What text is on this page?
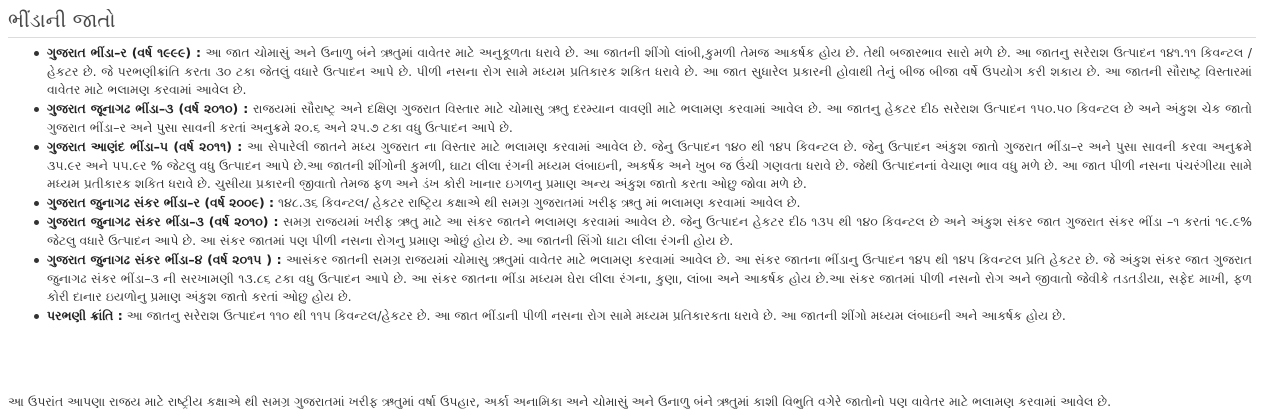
ભીંડાની જાતો
ગુજરાત ભીંડા–ર (વર્ષ ૧૯૯૯) : આ જાત ચોમાસું અને ઉનાળુ બંને ઋતુમાં વાવેતર માટે અનુકૂળતા ધરાવે છે. આ જાતની શીંગો લાંબી,કુમળી તેમજ આકર્ષક હોય છે. તેથી બજારભાવ સારો મળે છે. આ જાતનુ સરેરાશ ઉત્પાદન ૧૪૧.૧૧ કિવન્ટલ /હેકટર છે. જે પરભણીક્રાંતિ કરતા ૩૦ ટકા જેતલું વધારે ઉત્પાદન આપે છે. પીળી નસના રોગ સામે મધ્યમ પ્રતિકારક શકિત ધરાવે છે. આ જાત સુધારેલ પ્રકારની હોવાથી તેનું બીજ બીજા વર્ષે ઉપયોગ કરી શકાય છે. આ જાતની સૌરાષ્ટ્ર વિસ્તારમાં વાવેતર માટે ભલામણ કરવામાં આવેલ છે.
ગુજરાત જૂનાગઢ ભીંડા–૩ (વર્ષ ૨૦૧૦) : રાજયમાં સૌરાષ્ટ્ર અને દક્ષિણ ગુજરાત વિસ્તાર માટે ચોમાસુ ઋતુ દરમ્યાન વાવણી માટે ભલામણ કરવામાં આવેલ છે. આ જાતનુ હેકટર દીઠ સરેરાશ ઉત્પાદન ૧૫૦.૫૦ કિવન્ટલ છે અને અંકુશ ચેક જાતો ગુજરાત ભીંડા–ર અને પુસા સાવની કરતાં અનુક્રમે ૨૦.૬ અને ૨૫.૭ ટકા વધુ ઉત્પાદન આપે છે.
ગુજરાત આણંદ ભીંડા–૫ (વર્ષ ૨૦૧૧) : આ સેપારેલી જાતને મધ્ય ગુજરાત ના વિસ્તાર માટે ભલામણ કરવામાં આવેલ છે. જેનુ ઉત્પાદન ૧૪૦ થી ૧૪૫ કિવન્ટલ છે. જેનુ ઉત્પાદન અંકુશ જાતો ગુજરાત ભીંડા–ર અને પુસા સાવની કરવા અનુક્રમે ૩૫.૯ર અને ૫૫.૯ર % જેટલુ વધુ ઉત્પાદન આપે છે.આ જાતની શીંગોની કુમળી, ઘાટા લીલા રંગની મધ્યમ લંબાઇની, અકર્ષક અને ખુબ જ ઉંચી ગણવતા ધરાવે છે. જેથી ઉત્પાદનનાં વેચાણ ભાવ વધુ મળે છે. આ જાત પીળી નસના પંચરંગીયા સામે મધ્યમ પ્રતીકારક શકિત ધરાવે છે. ચુસીયા પ્રકારની જીવાતો તેમજ ફળ અને ડંખ કોરી ખાનાર ઇગળનુ પ્રમાણ અન્ય અંકુશ જાતો કરતા ઓછુ જોવા મળે છે.
ગુજરાત જુનાગઢ સંકર ભીંડા–ર (વર્ષ ૨૦૦૯) : ૧૪૮.૩૬ કિવન્ટલ/ હેકટર રાષ્ટ્રિય કક્ષાએ થી સમગ્ર ગુજરાતમાં ખરીફ ઋતુ માં ભલામણ કરવામાં આવેલ છે.
ગુજરાત જુનાગઢ સંકર ભીંડા–૩ (વર્ષ ૨૦૧૦) : સમગ્ર રાજયમાં ખરીફ ઋતુ માટે આ સંકર જાતને ભલામણ કરવામાં આવેલ છે. જેનુ ઉત્પાદન હેકટર દીઠ ૧૩૫ થી ૧૪૦ કિવન્ટલ છે અને અંકુશ સંકર જાત ગુજરાત સંકર ભીંડા –૧ કરતાં ૧૯.૯% જેટલુ વધારે ઉત્પાદન આપે છે. આ સંકર જાતમાં પણ પીળી નસના રોગનુ પ્રમાણ ઓછું હોય છે. આ જાતની સિંગો ધાટા લીલા રંગની હોય છે.
ગુજરાત જુનાગઢ સંકર ભીંડા–૪ (વર્ષ ૨૦૧૫ ) : આસંકર જાતની સમગ્ર રાજયમાં ચોમાસુ ઋતુમાં વાવેતર માટે ભલામણ કરવામાં આવેલ છે. આ સંકર જાતના ભીંડાનુ ઉત્પાદન ૧૪૫ થી ૧૪૫ કિવન્ટલ પ્રતિ હેકટર છે. જે અંકુશ સંકર જાત ગુજરાત જુનાગઢ સંકર ભીંડા–૩ ની સરખામણી ૧૩.૮૬ ટકા વધુ ઉત્પાદન આપે છે. આ સંકર જાતના ભીંડા મધ્યમ ઘેરા લીલા રંગના, કુણા, લાંબા અને આકર્ષક હોય છે.આ સંકર જાતમાં પીળી નસનો રોગ અને જીવાતો જેવીકે તડતડીયા, સફેદ માખી, ફળ કોરી દાનાર ઇયળોનુ પ્રમાણ અંકુશ જાતો કરતાં ઓછુ હોય છે.
પરભણી ક્રાંતિ : આ જાતનુ સરેરાશ ઉત્પાદન ૧૧૦ થી ૧૧૫ કિવન્ટલ/હેકટર છે. આ જાત ભીંડાની પીળી નસના રોગ સામે મધ્યમ પ્રતિકારકતા ધરાવે છે. આ જાતની શીંગો મધ્યમ લંબાઇની અને આકર્ષક હોય છે.

આ ઉપરાંત આપણા રાજય માટે રાષ્ટ્રીય કક્ષાએ થી સમગ્ર ગુજરાતમાં ખરીફ ઋતુમાં વર્ષા ઉપહાર, અર્કા અનામિકા અને ચોમાસું અને ઉનાળુ બંને ઋતુમાં કાશી વિભુતિ વગેરે જાતોનો પણ વાવેતર માટે ભલામણ કરવામાં આવેલ છે.
